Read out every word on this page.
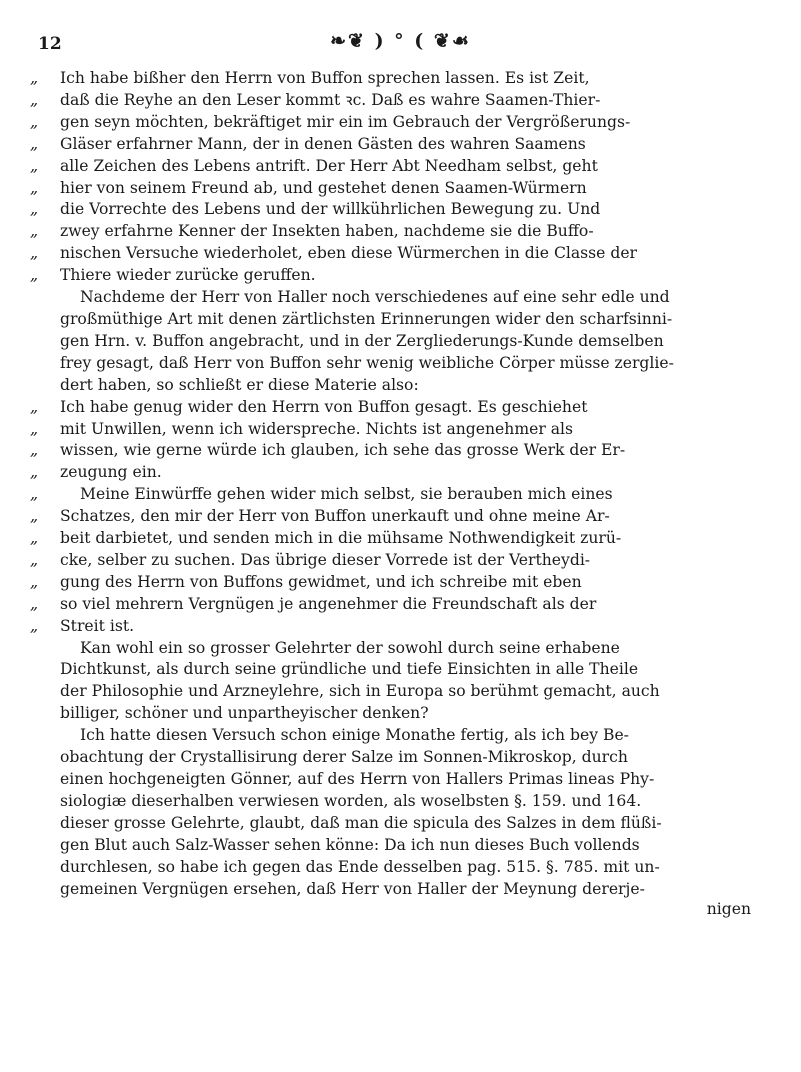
12	❧❦ ) ° ( ❦☙
„ Ich habe bißher den Herrn von Buffon sprechen lassen. Es ist Zeit,
„ daß die Reyhe an den Leser kommt ꝛc. Daß es wahre Saamen-Thier-
„ gen seyn möchten, bekräftiget mir ein im Gebrauch der Vergrößerungs-
„ Gläser erfahrner Mann, der in denen Gästen des wahren Saamens
„ alle Zeichen des Lebens antrift. Der Herr Abt Needham selbst, geht
„ hier von seinem Freund ab, und gestehet denen Saamen-Würmern
„ die Vorrechte des Lebens und der willkührlichen Bewegung zu. Und
„ zwey erfahrne Kenner der Insekten haben, nachdeme sie die Buffo-
„ nischen Versuche wiederholet, eben diese Würmerchen in die Classe der
„ Thiere wieder zurücke geruffen.
Nachdeme der Herr von Haller noch verschiedenes auf eine sehr edle und
großmüthige Art mit denen zärtlichsten Erinnerungen wider den scharfsinni-
gen Hrn. v. Buffon angebracht, und in der Zergliederungs-Kunde demselben
frey gesagt, daß Herr von Buffon sehr wenig weibliche Cörper müsse zerglie-
dert haben, so schließt er diese Materie also:
„ Ich habe genug wider den Herrn von Buffon gesagt. Es geschiehet
„ mit Unwillen, wenn ich widerspreche. Nichts ist angenehmer als
„ wissen, wie gerne würde ich glauben, ich sehe das grosse Werk der Er-
„ zeugung ein.
„	Meine Einwürffe gehen wider mich selbst, sie berauben mich eines
„ Schatzes, den mir der Herr von Buffon unerkauft und ohne meine Ar-
„ beit darbietet, und senden mich in die mühsame Nothwendigkeit zurü-
„ cke, selber zu suchen. Das übrige dieser Vorrede ist der Vertheydi-
„ gung des Herrn von Buffons gewidmet, und ich schreibe mit eben
„ so viel mehrern Vergnügen je angenehmer die Freundschaft als der
„ Streit ist.
Kan wohl ein so grosser Gelehrter der sowohl durch seine erhabene
Dichtkunst, als durch seine gründliche und tiefe Einsichten in alle Theile
der Philosophie und Arzneylehre, sich in Europa so berühmt gemacht, auch
billiger, schöner und unpartheyischer denken?
Ich hatte diesen Versuch schon einige Monathe fertig, als ich bey Be-
obachtung der Crystallisirung derer Salze im Sonnen-Mikroskop, durch
einen hochgeneigten Gönner, auf des Herrn von Hallers Primas lineas Phy-
siologiæ dieserhalben verwiesen worden, als woselbsten §. 159. und 164.
dieser grosse Gelehrte, glaubt, daß man die spicula des Salzes in dem flüßi-
gen Blut auch Salz-Wasser sehen könne: Da ich nun dieses Buch vollends
durchlesen, so habe ich gegen das Ende desselben pag. 515. §. 785. mit un-
gemeinen Vergnügen ersehen, daß Herr von Haller der Meynung dererje-
nigen
